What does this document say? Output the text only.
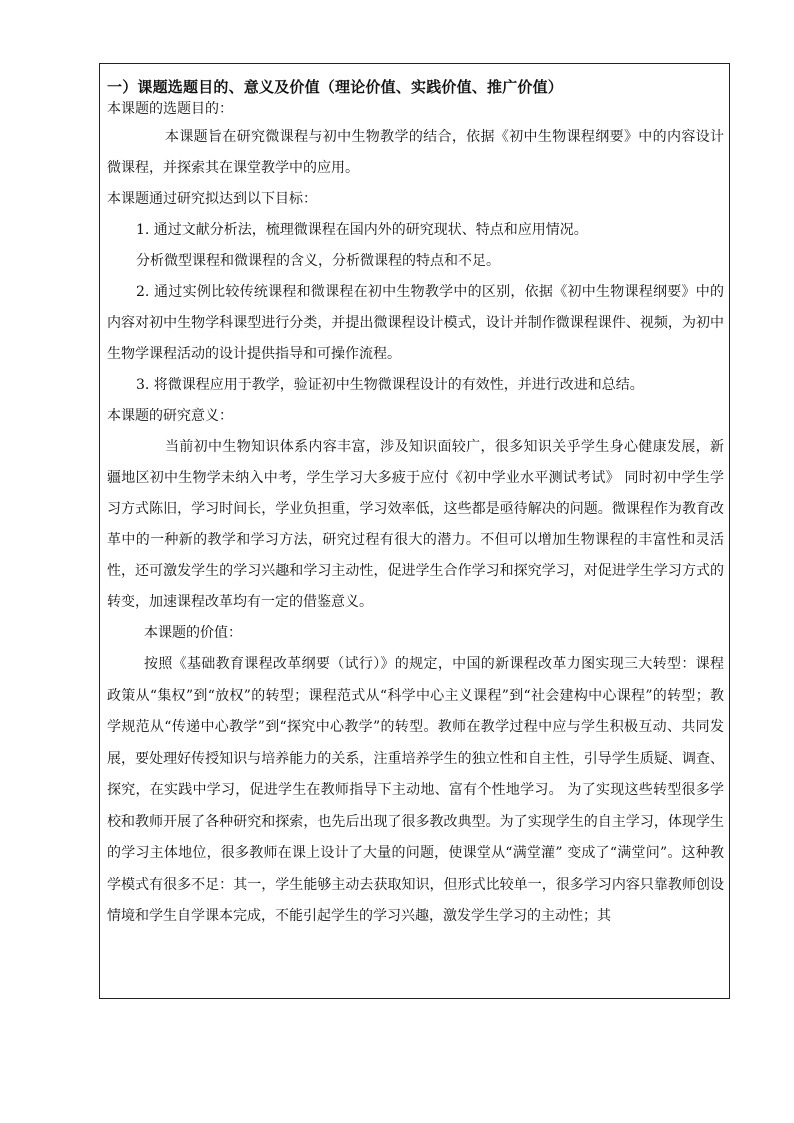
一）课题选题目的、意义及价值（理论价值、实践价值、推广价值）

本课题的选题目的：

本课题旨在研究微课程与初中生物教学的结合，依据《初中生物课程纲要》中的内容设计微课程，并探索其在课堂教学中的应用。

本课题通过研究拟达到以下目标：

1. 通过文献分析法，梳理微课程在国内外的研究现状、特点和应用情况。

分析微型课程和微课程的含义，分析微课程的特点和不足。

2. 通过实例比较传统课程和微课程在初中生物教学中的区别，依据《初中生物课程纲要》中的内容对初中生物学科课型进行分类，并提出微课程设计模式，设计并制作微课程课件、视频，为初中生物学课程活动的设计提供指导和可操作流程。

3. 将微课程应用于教学，验证初中生物微课程设计的有效性，并进行改进和总结。

本课题的研究意义：

当前初中生物知识体系内容丰富，涉及知识面较广，很多知识关乎学生身心健康发展，新疆地区初中生物学未纳入中考，学生学习大多疲于应付《初中学业水平测试考试》 同时初中学生学习方式陈旧，学习时间长，学业负担重，学习效率低，这些都是亟待解决的问题。微课程作为教育改革中的一种新的教学和学习方法，研究过程有很大的潜力。不但可以增加生物课程的丰富性和灵活性，还可激发学生的学习兴趣和学习主动性，促进学生合作学习和探究学习，对促进学生学习方式的转变，加速课程改革均有一定的借鉴意义。

本课题的价值：

按照《基础教育课程改革纲要（试行）》的规定，中国的新课程改革力图实现三大转型：课程政策从“集权”到“放权”的转型；课程范式从“科学中心主义课程”到“社会建构中心课程”的转型；教学规范从“传递中心教学”到“探究中心教学”的转型。教师在教学过程中应与学生积极互动、共同发展，要处理好传授知识与培养能力的关系，注重培养学生的独立性和自主性，引导学生质疑、调查、探究，在实践中学习，促进学生在教师指导下主动地、富有个性地学习。 为了实现这些转型很多学校和教师开展了各种研究和探索，也先后出现了很多教改典型。为了实现学生的自主学习，体现学生的学习主体地位，很多教师在课上设计了大量的问题，使课堂从“满堂灌” 变成了“满堂问”。这种教学模式有很多不足：其一，学生能够主动去获取知识，但形式比较单一，很多学习内容只靠教师创设情境和学生自学课本完成，不能引起学生的学习兴趣，激发学生学习的主动性；其
